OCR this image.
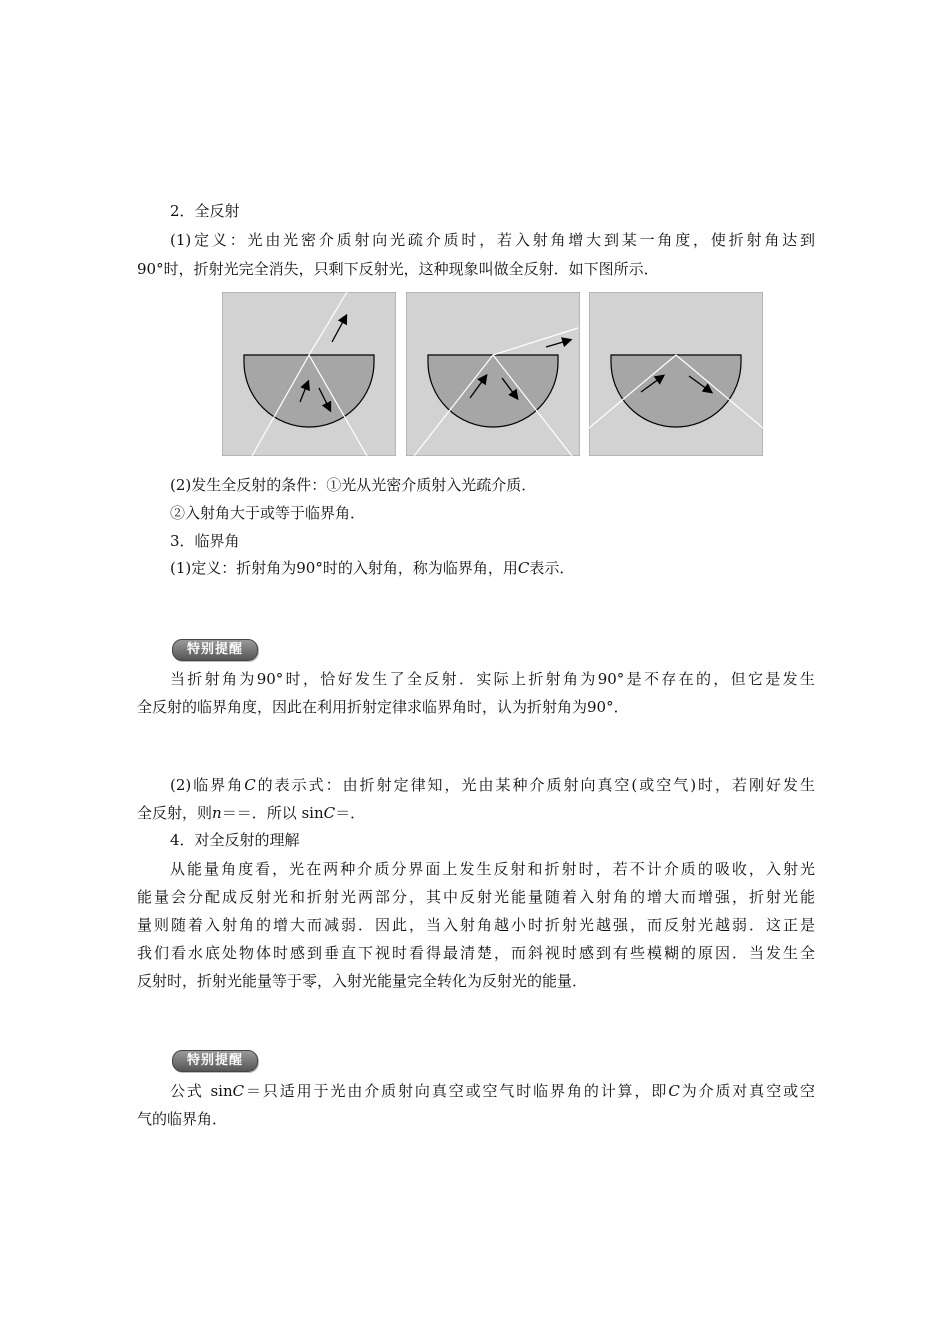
2．全反射
(1)定义：光由光密介质射向光疏介质时，若入射角增大到某一角度，使折射角达到
90°时，折射光完全消失，只剩下反射光，这种现象叫做全反射．如下图所示．
(2)发生全反射的条件：①光从光密介质射入光疏介质．
②入射角大于或等于临界角．
3．临界角
(1)定义：折射角为90°时的入射角，称为临界角，用C表示．
特别提醒
当折射角为90°时，恰好发生了全反射．实际上折射角为90°是不存在的，但它是发生
全反射的临界角度，因此在利用折射定律求临界角时，认为折射角为90°．
(2)临界角C的表示式：由折射定律知，光由某种介质射向真空(或空气)时，若刚好发生
全反射，则n＝＝．所以 sinC＝．
4．对全反射的理解
从能量角度看，光在两种介质分界面上发生反射和折射时，若不计介质的吸收，入射光
能量会分配成反射光和折射光两部分，其中反射光能量随着入射角的增大而增强，折射光能
量则随着入射角的增大而减弱．因此，当入射角越小时折射光越强，而反射光越弱．这正是
我们看水底处物体时感到垂直下视时看得最清楚，而斜视时感到有些模糊的原因．当发生全
反射时，折射光能量等于零，入射光能量完全转化为反射光的能量．
特别提醒
公式 sinC＝只适用于光由介质射向真空或空气时临界角的计算，即C为介质对真空或空
气的临界角．
